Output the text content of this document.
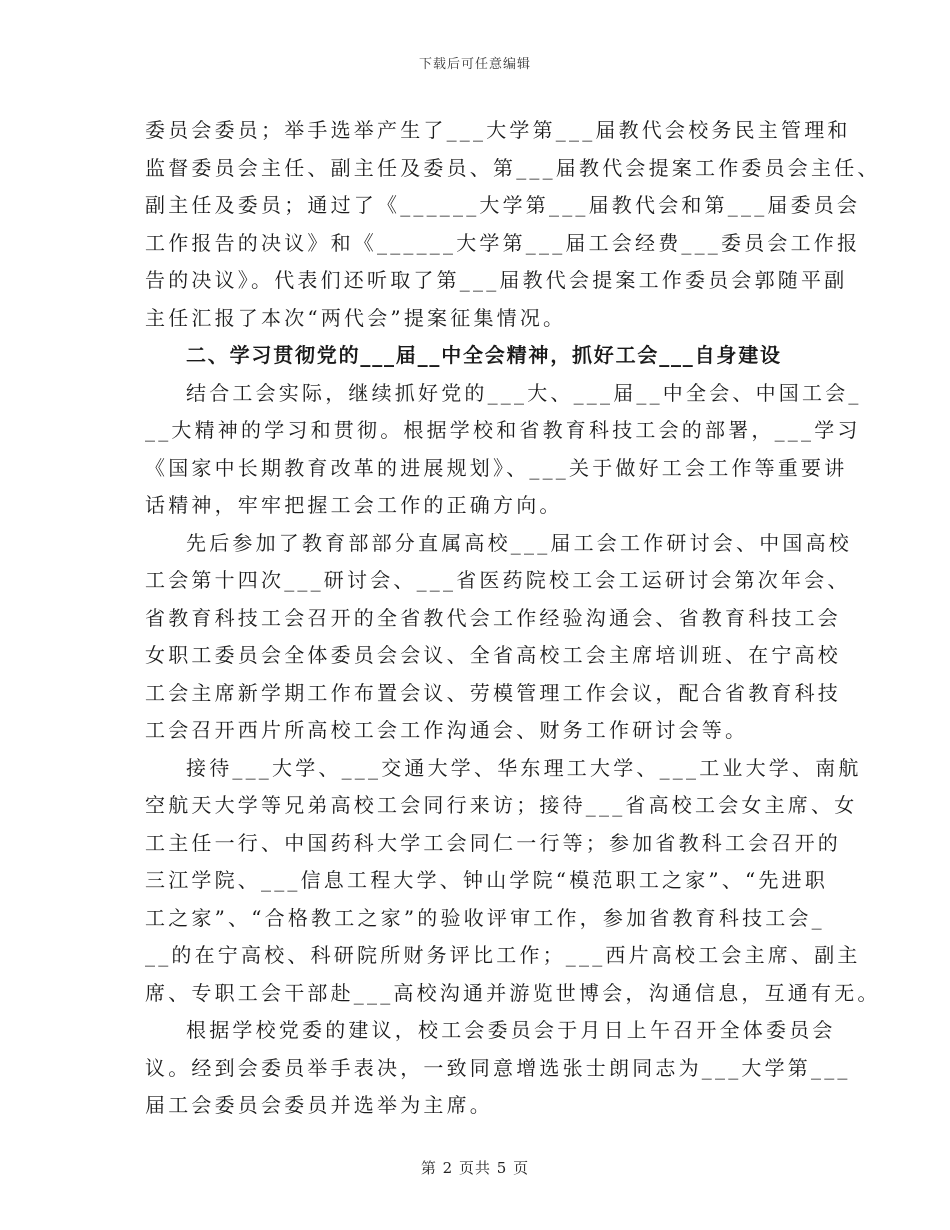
下载后可任意编辑
委员会委员；举手选举产生了___大学第___届教代会校务民主管理和
监督委员会主任、副主任及委员、第___届教代会提案工作委员会主任、
副主任及委员；通过了《______大学第___届教代会和第___届委员会
工作报告的决议》和《______大学第___届工会经费___委员会工作报
告的决议》。代表们还听取了第___届教代会提案工作委员会郭随平副
主任汇报了本次“两代会”提案征集情况。
二、学习贯彻党的___届__中全会精神，抓好工会___自身建设
结合工会实际，继续抓好党的___大、___届__中全会、中国工会_
__大精神的学习和贯彻。根据学校和省教育科技工会的部署，___学习
《国家中长期教育改革的进展规划》、___关于做好工会工作等重要讲
话精神，牢牢把握工会工作的正确方向。
先后参加了教育部部分直属高校___届工会工作研讨会、中国高校
工会第十四次___研讨会、___省医药院校工会工运研讨会第次年会、
省教育科技工会召开的全省教代会工作经验沟通会、省教育科技工会
女职工委员会全体委员会会议、全省高校工会主席培训班、在宁高校
工会主席新学期工作布置会议、劳模管理工作会议，配合省教育科技
工会召开西片所高校工会工作沟通会、财务工作研讨会等。
接待___大学、___交通大学、华东理工大学、___工业大学、南航
空航天大学等兄弟高校工会同行来访；接待___省高校工会女主席、女
工主任一行、中国药科大学工会同仁一行等；参加省教科工会召开的
三江学院、___信息工程大学、钟山学院“模范职工之家”、“先进职
工之家”、“合格教工之家”的验收评审工作，参加省教育科技工会_
__的在宁高校、科研院所财务评比工作；___西片高校工会主席、副主
席、专职工会干部赴___高校沟通并游览世博会，沟通信息，互通有无。
根据学校党委的建议，校工会委员会于月日上午召开全体委员会
议。经到会委员举手表决，一致同意增选张士朗同志为___大学第___
届工会委员会委员并选举为主席。
第 2 页共 5 页
